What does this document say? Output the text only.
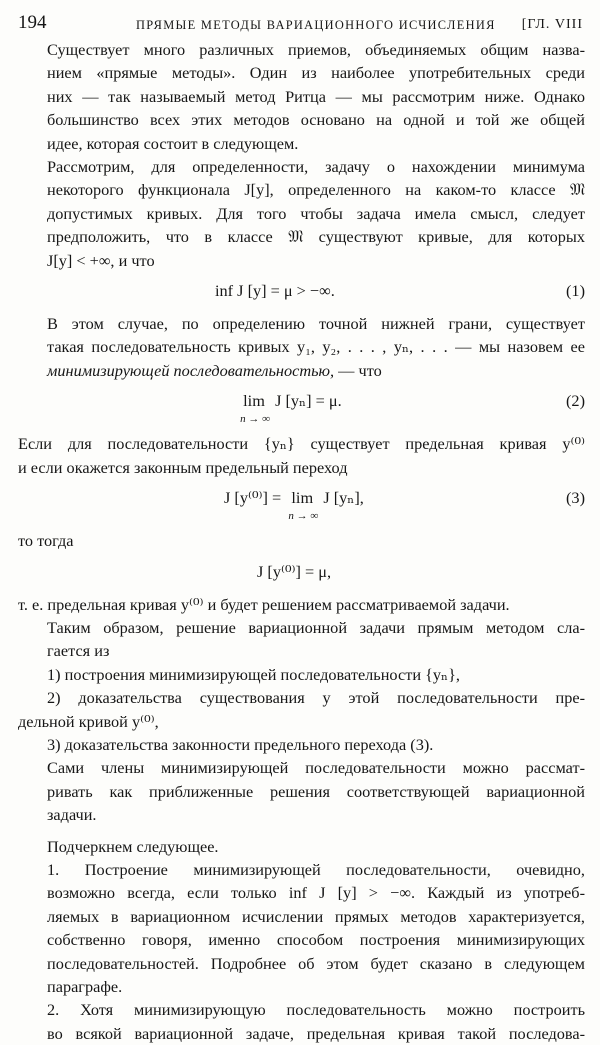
194	ПРЯМЫЕ МЕТОДЫ ВАРИАЦИОННОГО ИСЧИСЛЕНИЯ [ГЛ. VIII

Существует много различных приемов, объединяемых общим назва-
нием «прямые методы». Один из наиболее употребительных среди
них — так называемый метод Ритца — мы рассмотрим ниже. Однако
большинство всех этих методов основано на одной и той же общей
идее, которая состоит в следующем.

Рассмотрим, для определенности, задачу о нахождении минимума
некоторого функционала J[y], определенного на каком-то классе 𝔐
допустимых кривых. Для того чтобы задача имела смысл, следует
предположить, что в классе 𝔐 существуют кривые, для которых
J[y] < +∞, и что

inf J [y] = μ > −∞.	(1)

В этом случае, по определению точной нижней грани, существует
такая последовательность кривых y₁, y₂, . . . , yₙ, . . . — мы назовем ее
минимизирующей последовательностью, — что

lim
n → ∞
J [yₙ] = μ.	(2)

Если для последовательности {yₙ} существует предельная кривая y⁽⁰⁾
и если окажется законным предельный переход

J [y⁽⁰⁾] = lim
n → ∞
J [yₙ],	(3)

то тогда

J [y⁽⁰⁾] = μ,

т. е. предельная кривая y⁽⁰⁾ и будет решением рассматриваемой задачи.

Таким образом, решение вариационной задачи прямым методом сла-
гается из

1) построения минимизирующей последовательности {yₙ},
2) доказательства существования у этой последовательности пре-
дельной кривой y⁽⁰⁾,
3) доказательства законности предельного перехода (3).

Сами члены минимизирующей последовательности можно рассмат-
ривать как приближенные решения соответствующей вариационной
задачи.

Подчеркнем следующее.

1. Построение минимизирующей последовательности, очевидно,
возможно всегда, если только inf J [y] > −∞. Каждый из употреб-
ляемых в вариационном исчислении прямых методов характеризуется,
собственно говоря, именно способом построения минимизирующих
последовательностей. Подробнее об этом будет сказано в следующем
параграфе.

2. Хотя минимизирующую последовательность можно построить
во всякой вариационной задаче, предельная кривая такой последова-
